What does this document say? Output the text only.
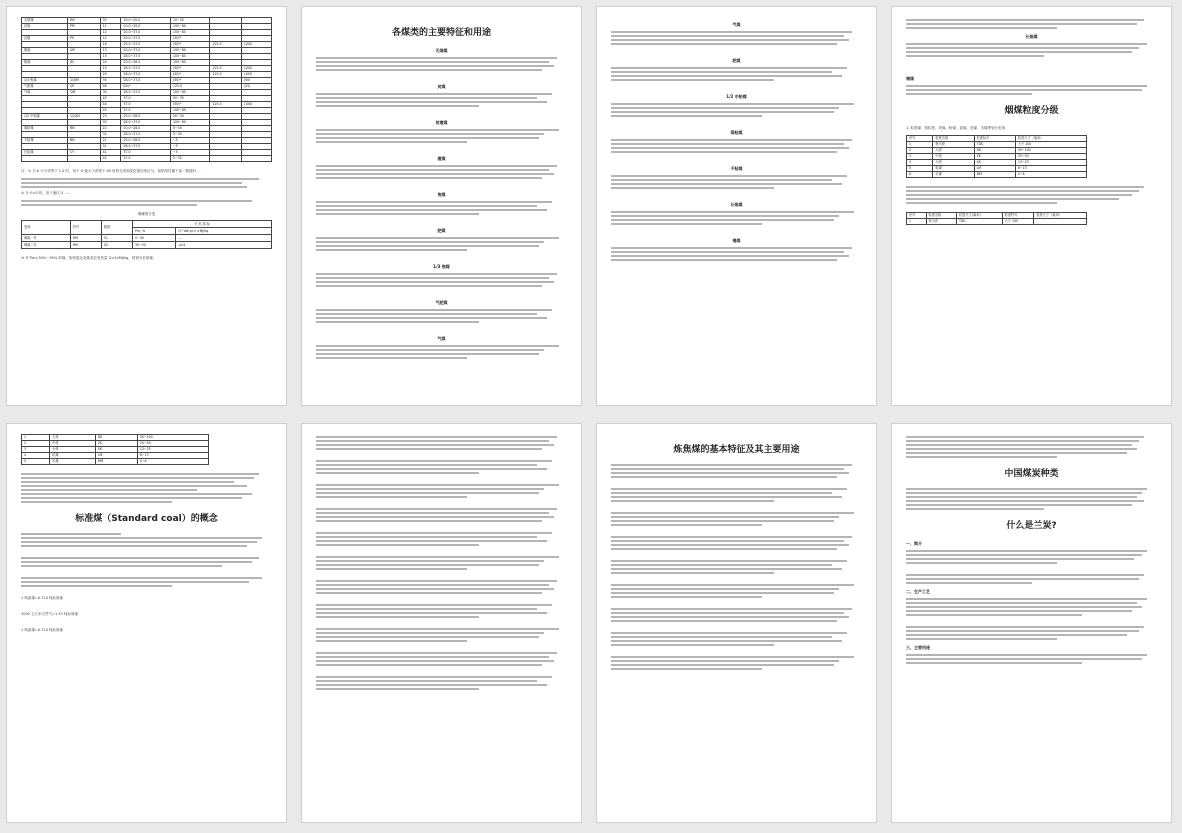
无烟煤	WY	03	ᐧ10.0~20.0	10~50		
贫煤	PM	11	ᐧ10.0~20.0	100~80		
		12	ᐧ20.0~37.0	100~80		
贫瘦	PS	14	ᐧ20.0~37.0	(50)*		
		16	ᐧ20.0~37.0	(50)*	125.0	(100)
瘦煤	SM	13	ᐧ20.0~37.0	100~80		
		15	ᐧ28.0~37.0	100~80		
焦煤	JM	24	ᐧ20.0~28.0	100~80		
		15	ᐧ28.0~37.0	(50)*	125.0	(100)
		25	ᐧ28.0~37.0	(50)*	125.0	(100)
1/3 焦煤	1/3JM	35	ᐧ28.0~37.0	(50)*		(50)
气肥煤	QF	46	(50)*	125.0		(25)
气煤	QM	34	ᐧ28.0~37.0	100~80		
		43	ᐧ37.0	50~35		
		44	ᐧ37.0	(50)*	125.0	(100)
		45	ᐧ37.0	100~80		
1/2 中粘煤	1/2ZN	23	ᐧ20.0~28.0	50~30		
		33	ᐧ28.0~37.0	100~80		
弱粘煤	RN	22	ᐧ20.0~28.0	5~30		
		32	ᐧ28.0~37.0	5~30		
不粘煤	BN	21	ᐧ20.0~28.0	~5		
		31	ᐧ28.0~37.0	~5		
长焰煤	CY	41	ᐧ37.0	~5		
		42	ᐧ37.0	5~35		
注：① 当 b 小于或等于 1.0 时，用于 G 值大于或等于 85 时的分类和变化情况来区分，如粘结性属于某一数值时 ...
② 分 G=0 时，用 f 值区分……
褐煤的分类
类别	符号	数码	分 类 指 标	
			Pm, %	Q^daf gr,v ×MJ/kg
褐煤一号	HM	51	0~30	—
褐煤二号	HM	52	30~50	≤24
③ 对 Pm>30%～50% 的煤，如恒湿无灰基高位发热量 Q>24MJ/kg，则划为长焰煤。
各煤类的主要特征和用途
无烟煤
贫煤
贫瘦煤
瘦煤
焦煤
肥煤
1/3 焦煤
气肥煤
气煤
气煤
肥煤
1/2 中粘煤
弱粘煤
不粘煤
长焰煤
褐煤
长焰煤
褐煤
烟煤粒度分级
1. 粒度煤：按粒度、块煤、粉煤、混煤、洗煤、末煤等划分类别：
序号	粒度名称	粒度标号	粒度尺寸（毫米）
1	特大块	TDK	大于 100
2	大块	DK	50~100
3	中块	ZK	25~50
4	小块	XK	13~25
5	粒煤	LM	6~13
6	末煤	MM	0~6
序号	粒度名称	粒度尺寸(毫米)	粒度符号	粒度尺寸（毫米）
1	特大块	TDK	大于 100	
1	大块	DK	50~100
2	中块	ZK	25~50
3	小块	XK	13~25
4	粒煤	LM	6~13
5	末煤	MM	0~6
标准煤（Standard coal）的概念
1 吨原煤=0.714 吨标准煤
1000 立方米天然气=1.33 吨标准煤
1 吨原煤=0.714 吨标准煤
炼焦煤的基本特征及其主要用途
中国煤炭种类
什么是兰炭?
一、简介
二、生产工艺
三、主要用途
